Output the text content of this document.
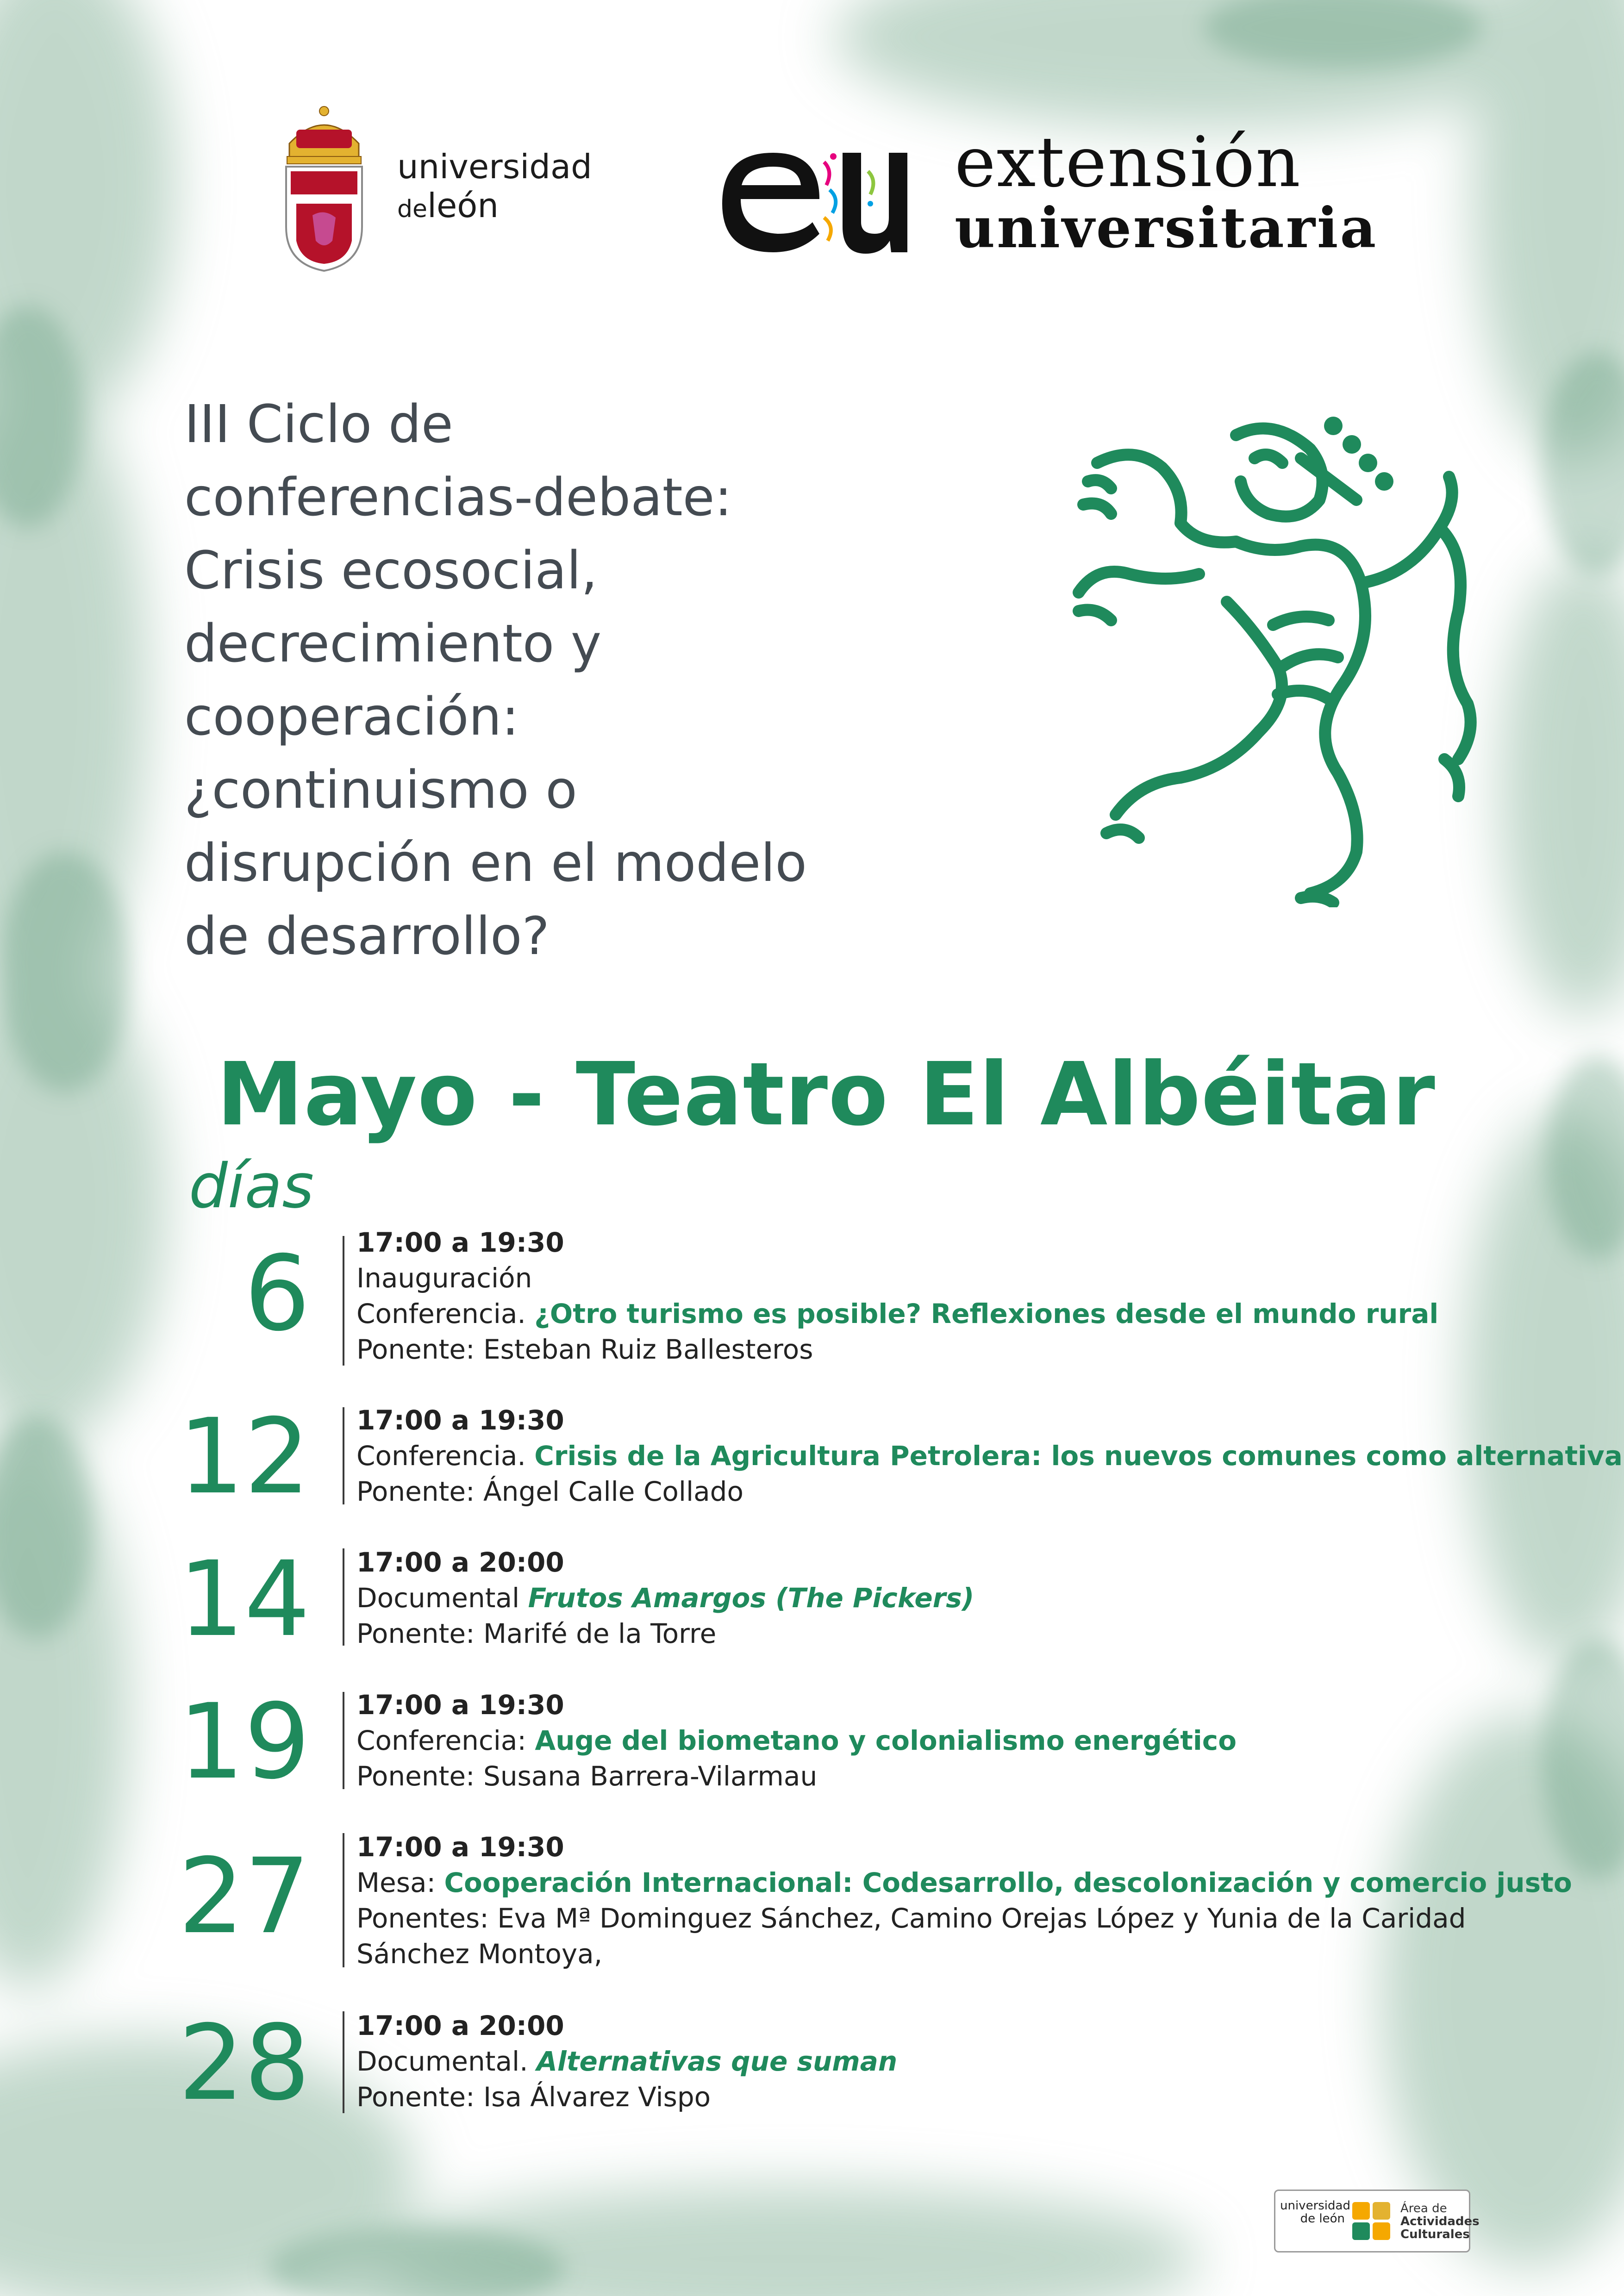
universidad
deleón
extensión
universitaria
III Ciclo de
conferencias-debate:
Crisis ecosocial,
decrecimiento y
cooperación:
¿continuismo o
disrupción en el modelo
de desarrollo?
Mayo - Teatro El Albéitar
días
6 17:00 a 19:30
Inauguración
Conferencia. ¿Otro turismo es posible? Reflexiones desde el mundo rural
Ponente: Esteban Ruiz Ballesteros
12 17:00 a 19:30
Conferencia. Crisis de la Agricultura Petrolera: los nuevos comunes como alternativa
Ponente: Ángel Calle Collado
14 17:00 a 20:00
Documental Frutos Amargos (The Pickers)
Ponente: Marifé de la Torre
19 17:00 a 19:30
Conferencia: Auge del biometano y colonialismo energético
Ponente: Susana Barrera-Vilarmau
27 17:00 a 19:30
Mesa: Cooperación Internacional: Codesarrollo, descolonización y comercio justo
Ponentes: Eva Mª Dominguez Sánchez, Camino Orejas López y Yunia de la Caridad
Sánchez Montoya,
28 17:00 a 20:00
Documental. Alternativas que suman
Ponente: Isa Álvarez Vispo
universidad
de león
Área de
Actividades
Culturales
